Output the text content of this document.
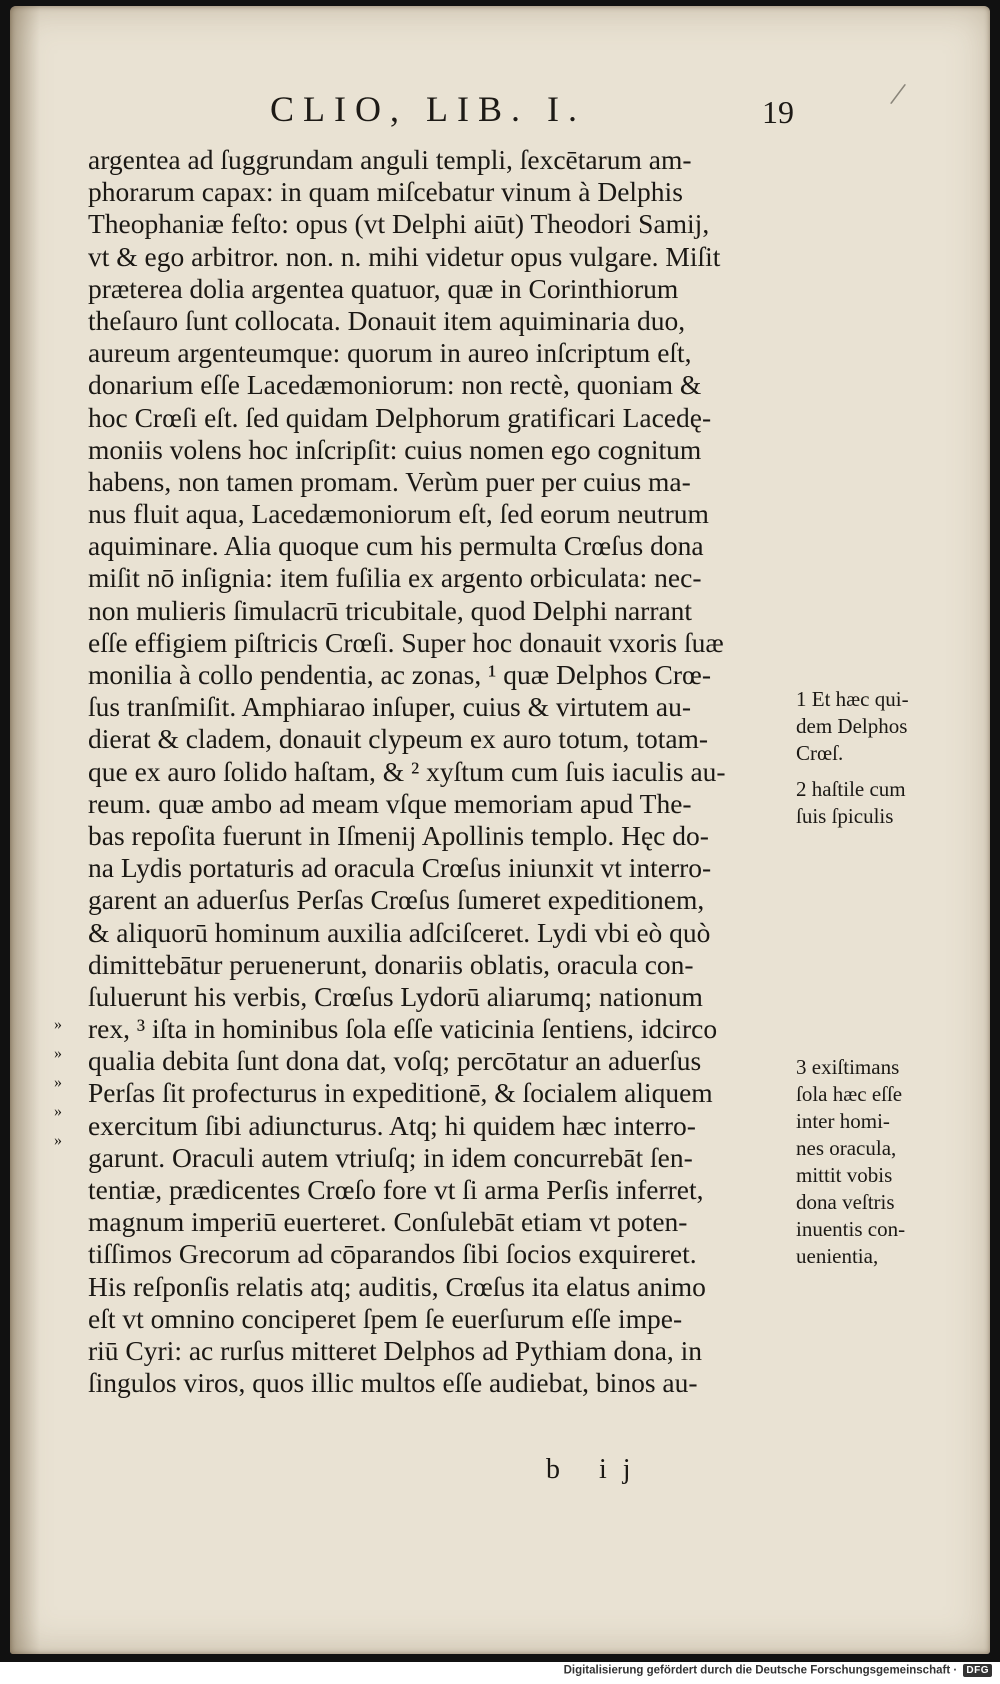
CLIO, LIB. I.	19	/
argentea ad ſuggrundam anguli templi, ſexcētarum am-
phorarum capax: in quam miſcebatur vinum à Delphis
Theophaniæ feſto: opus (vt Delphi aiūt) Theodori Samij,
vt & ego arbitror. non. n. mihi videtur opus vulgare. Miſit
præterea dolia argentea quatuor, quæ in Corinthiorum
theſauro ſunt collocata. Donauit item aquiminaria duo,
aureum argenteumque: quorum in aureo inſcriptum eſt,
donarium eſſe Lacedæmoniorum: non rectè, quoniam &
hoc Crœſi eſt. ſed quidam Delphorum gratificari Lacedę-
moniis volens hoc inſcripſit: cuius nomen ego cognitum
habens, non tamen promam. Verùm puer per cuius ma-
nus fluit aqua, Lacedæmoniorum eſt, ſed eorum neutrum
aquiminare. Alia quoque cum his permulta Crœſus dona
miſit nō inſignia: item fuſilia ex argento orbiculata: nec-
non mulieris ſimulacrū tricubitale, quod Delphi narrant
eſſe effigiem piſtricis Crœſi. Super hoc donauit vxoris ſuæ
monilia à collo pendentia, ac zonas, ¹ quæ Delphos Crœ-
ſus tranſmiſit. Amphiarao inſuper, cuius & virtutem au-
dierat & cladem, donauit clypeum ex auro totum, totam-
que ex auro ſolido haſtam, & ² xyſtum cum ſuis iaculis au-
reum. quæ ambo ad meam vſque memoriam apud The-
bas repoſita fuerunt in Iſmenij Apollinis templo. Hęc do-
na Lydis portaturis ad oracula Crœſus iniunxit vt interro-
garent an aduerſus Perſas Crœſus ſumeret expeditionem,
& aliquorū hominum auxilia adſciſceret. Lydi vbi eò quò
dimittebātur peruenerunt, donariis oblatis, oracula con-
ſuluerunt his verbis, Crœſus Lydorū aliarumq; nationum
rex, ³ iſta in hominibus ſola eſſe vaticinia ſentiens, idcirco
qualia debita ſunt dona dat, voſq; percōtatur an aduerſus
Perſas ſit profecturus in expeditionē, & ſocialem aliquem
exercitum ſibi adiuncturus. Atq; hi quidem hæc interro-
garunt. Oraculi autem vtriuſq; in idem concurrebāt ſen-
tentiæ, prædicentes Crœſo fore vt ſi arma Perſis inferret,
magnum imperiū euerteret. Conſulebāt etiam vt poten-
tiſſimos Grecorum ad cōparandos ſibi ſocios exquireret.
His reſponſis relatis atq; auditis, Crœſus ita elatus animo
eſt vt omnino conciperet ſpem ſe euerſurum eſſe impe-
riū Cyri: ac rurſus mitteret Delphos ad Pythiam dona, in
ſingulos viros, quos illic multos eſſe audiebat, binos au-
»
»
»
»
»
1 Et hæc qui-
dem Delphos
Crœſ.
2 haſtile cum
ſuis ſpiculis
3 exiſtimans
ſola hæc eſſe
inter homi-
nes oracula,
mittit vobis
dona veſtris
inuentis con-
uenientia,
b ij
Digitalisierung gefördert durch die Deutsche Forschungsgemeinschaft · DFG
